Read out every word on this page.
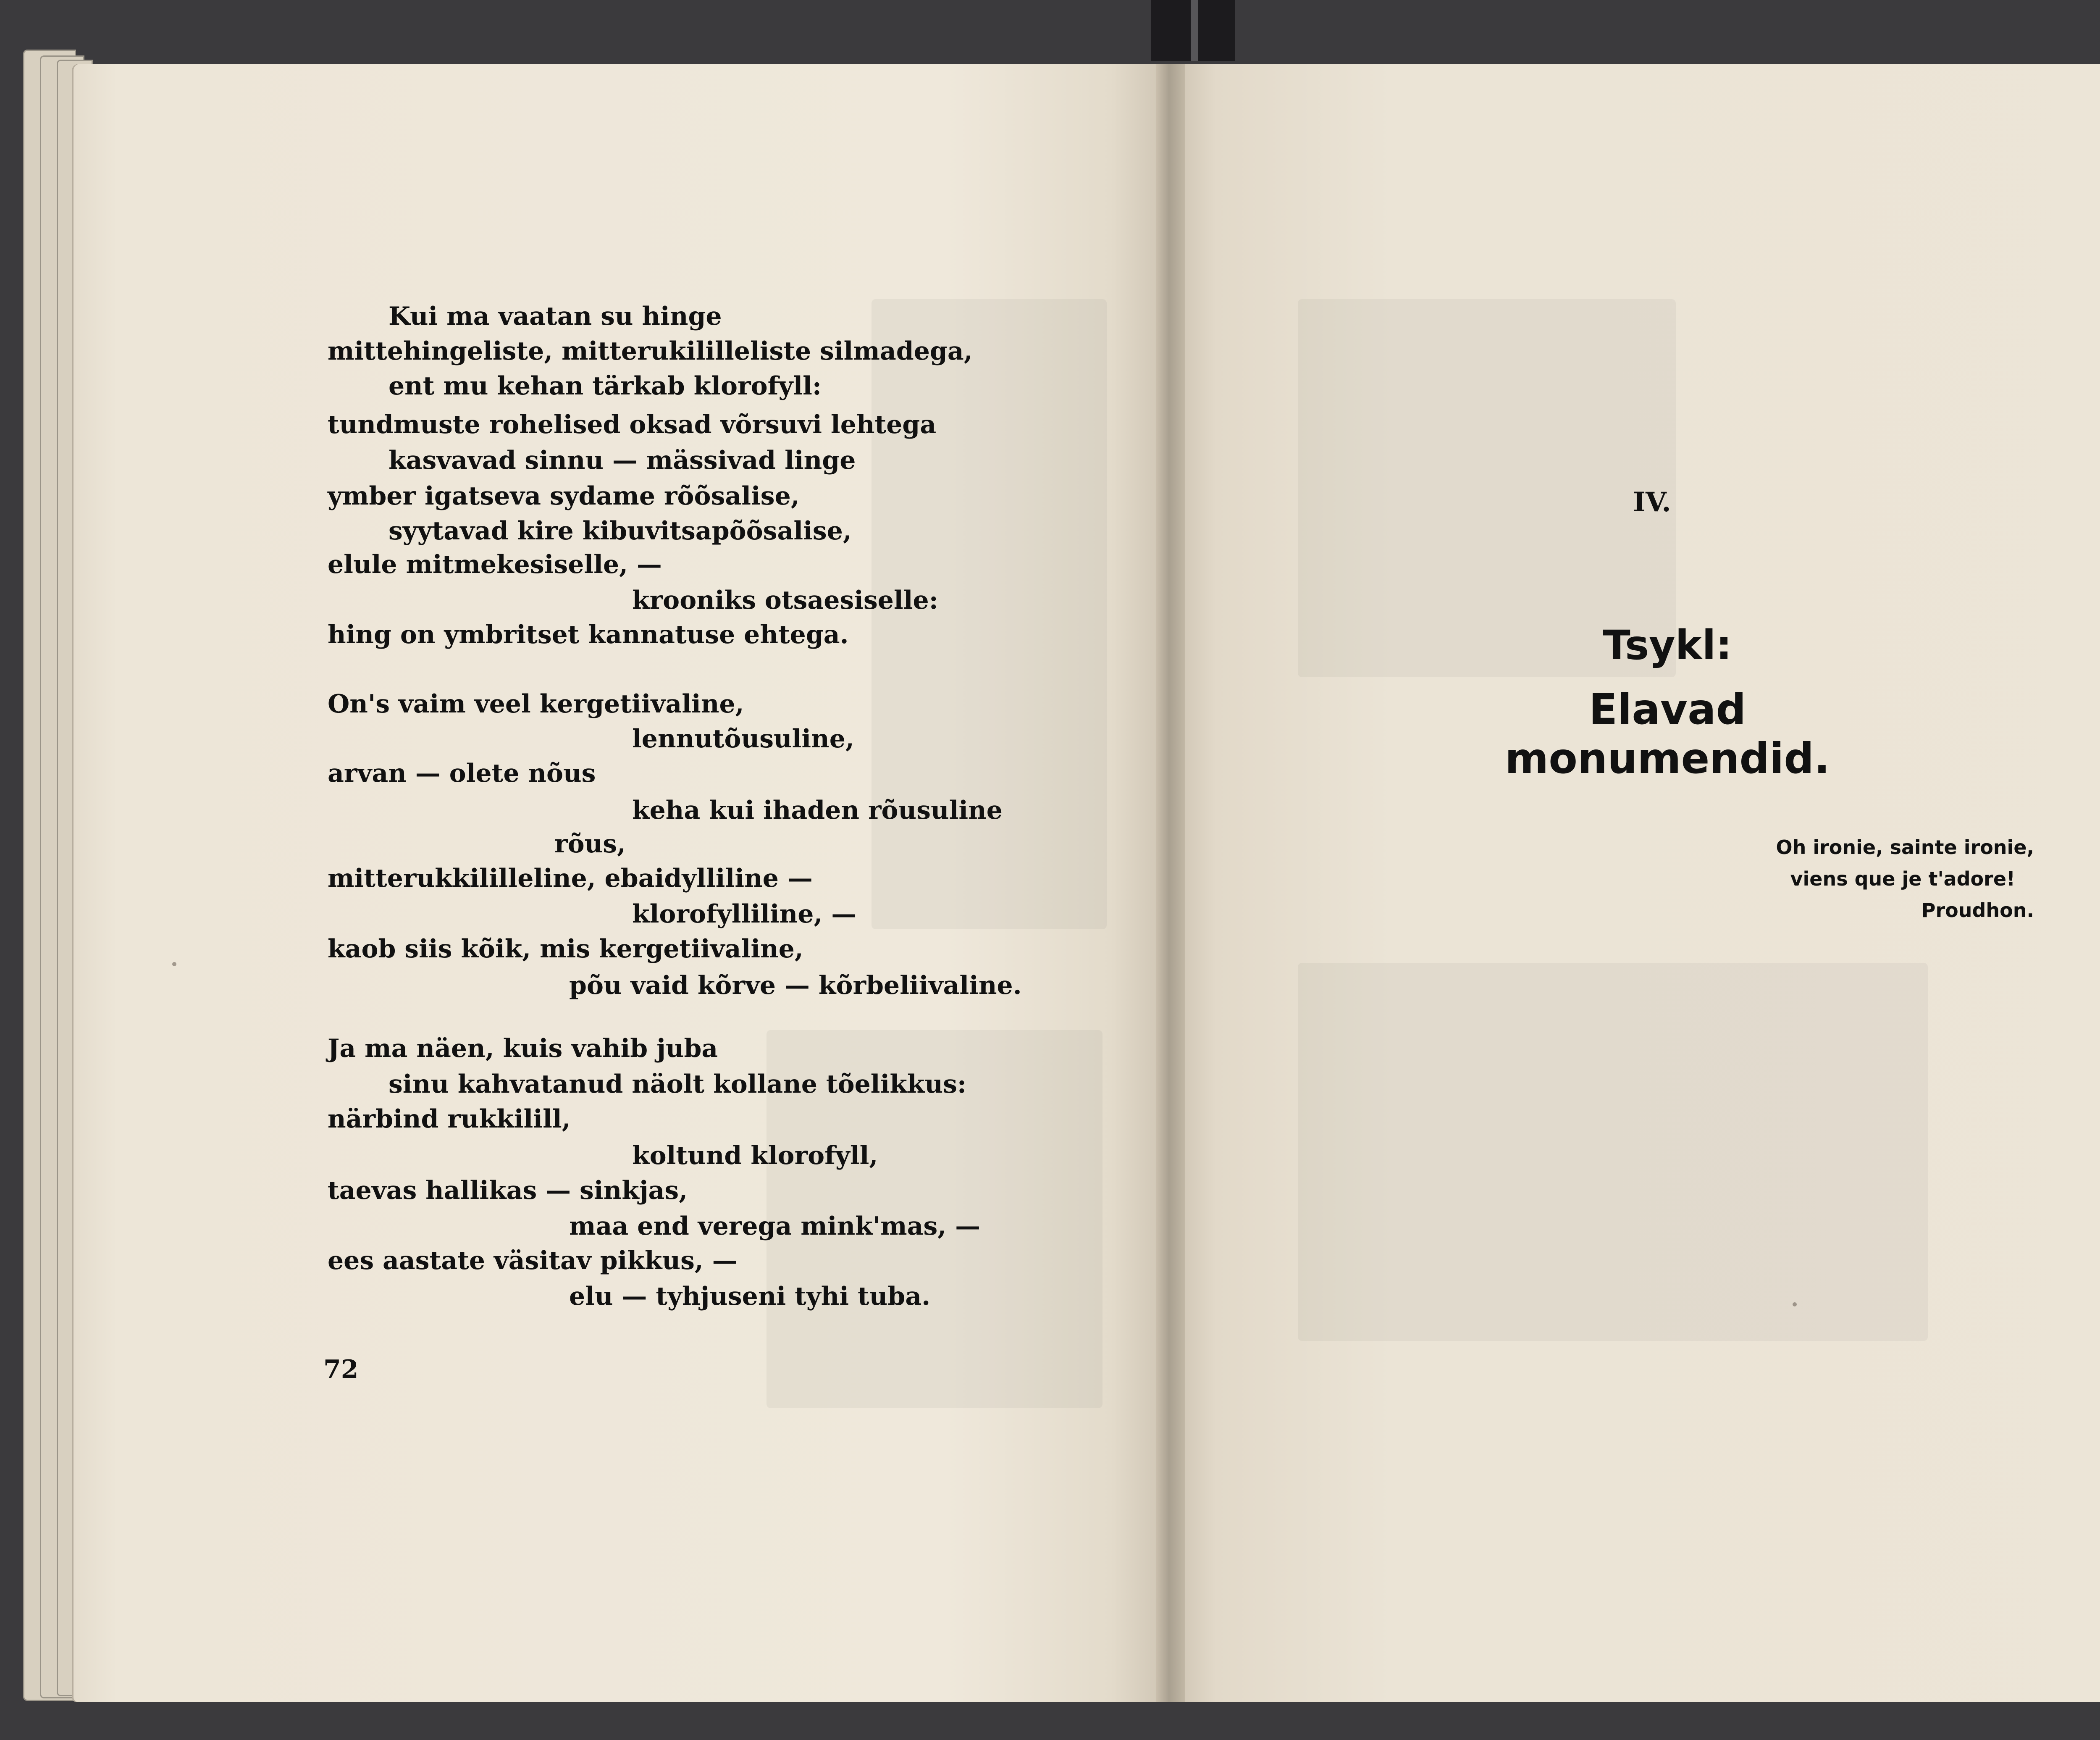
Kui ma vaatan su hinge

mittehingeliste, mitterukililleliste silmadega,

ent mu kehan tärkab klorofyll:

tundmuste rohelised oksad võrsuvi lehtega

kasvavad sinnu — mässivad linge

ymber igatseva sydame rõõsalise,

syytavad kire kibuvitsapõõsalise,

elule mitmekesiselle, —

krooniks otsaesiselle:

hing on ymbritset kannatuse ehtega.

On's vaim veel kergetiivaline,

lennutõusuline,

arvan — olete nõus

keha kui ihaden rõusuline

rõus,

mitterukkililleline, ebaidylliline —

klorofylliline, —

kaob siis kõik, mis kergetiivaline,

põu vaid kõrve — kõrbeliivaline.

Ja ma näen, kuis vahib juba

sinu kahvatanud näolt kollane tõelikkus:

närbind rukkilill,

koltund klorofyll,

taevas hallikas — sinkjas,

maa end verega mink'mas, —

ees aastate väsitav pikkus, —

elu — tyhjuseni tyhi tuba.

72
IV.
Tsykl:
Elavad monumendid.
Oh ironie, sainte ironie,
viens que je t'adore!
Proudhon.
